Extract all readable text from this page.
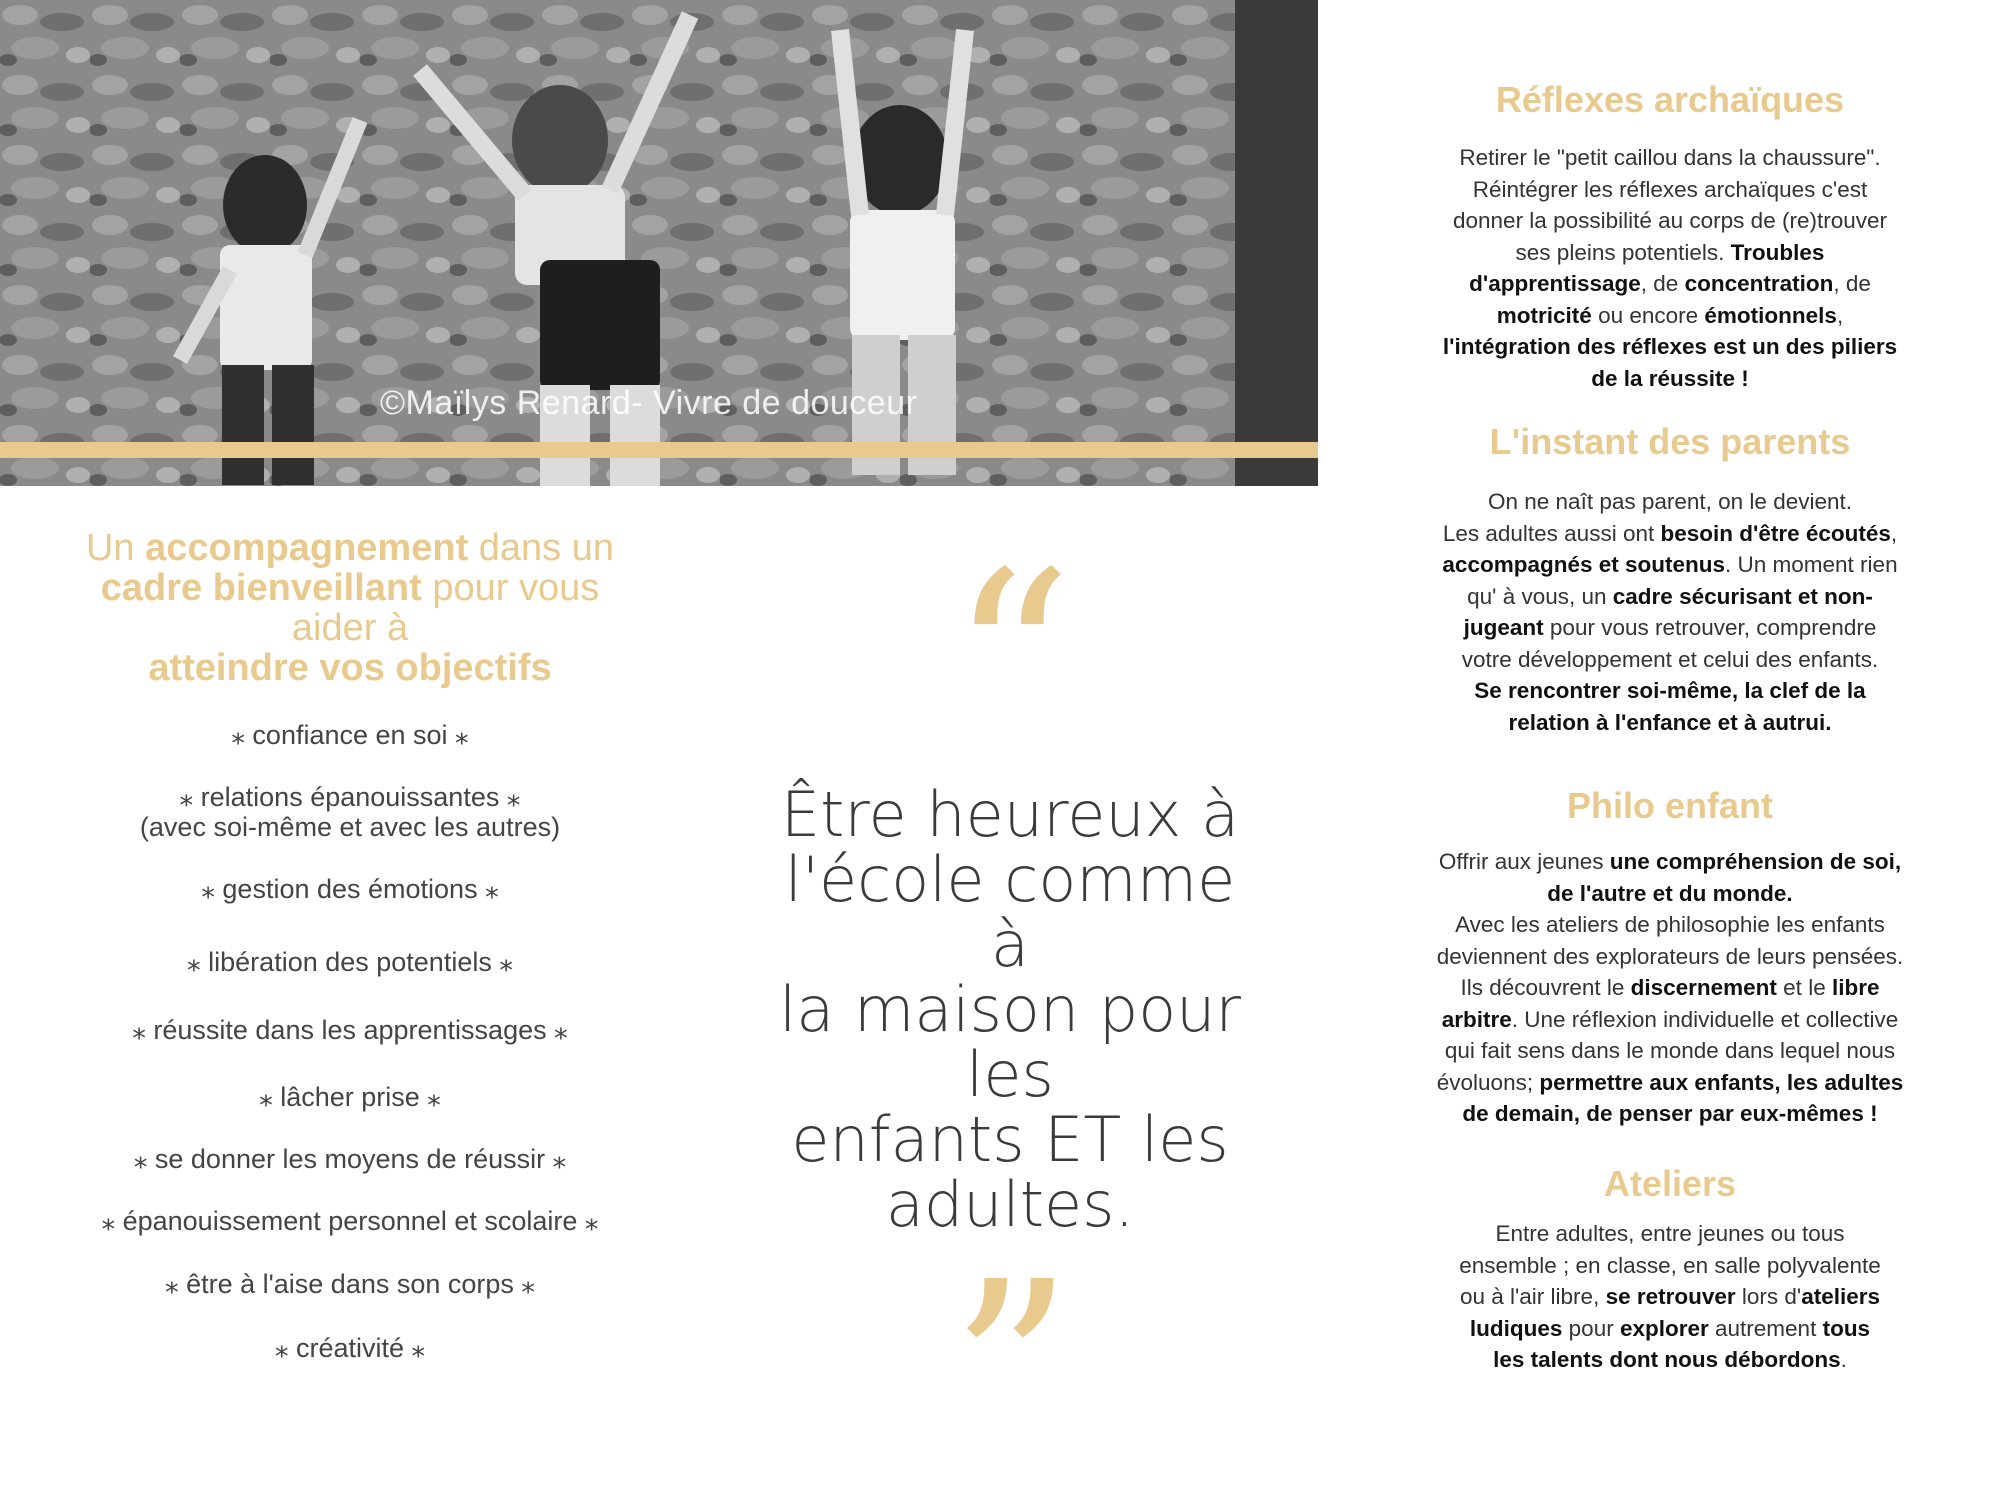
©Maïlys Renard- Vivre de douceur
Un accompagnement dans un
cadre bienveillant pour vous
aider à
atteindre vos objectifs
⁎ confiance en soi ⁎
⁎ relations épanouissantes ⁎
(avec soi-même et avec les autres)
⁎ gestion des émotions ⁎
⁎ libération des potentiels ⁎
⁎ réussite dans les apprentissages ⁎
⁎ lâcher prise ⁎
⁎ se donner les moyens de réussir ⁎
⁎ épanouissement personnel et scolaire ⁎
⁎ être à l'aise dans son corps ⁎
⁎ créativité ⁎
“
Être heureux à
l'école comme à
la maison pour les
enfants ET les
adultes.
”
Réflexes archaïques

Retirer le "petit caillou dans la chaussure".
Réintégrer les réflexes archaïques c'est
donner la possibilité au corps de (re)trouver
ses pleins potentiels. Troubles
d'apprentissage, de concentration, de
motricité ou encore émotionnels,
l'intégration des réflexes est un des piliers
de la réussite !

L'instant des parents

On ne naît pas parent, on le devient.
Les adultes aussi ont besoin d'être écoutés,
accompagnés et soutenus. Un moment rien
qu' à vous, un cadre sécurisant et non-
jugeant pour vous retrouver, comprendre
votre développement et celui des enfants.
Se rencontrer soi-même, la clef de la
relation à l'enfance et à autrui.

Philo enfant

Offrir aux jeunes une compréhension de soi,
de l'autre et du monde.
Avec les ateliers de philosophie les enfants
deviennent des explorateurs de leurs pensées.
Ils découvrent le discernement et le libre
arbitre. Une réflexion individuelle et collective
qui fait sens dans le monde dans lequel nous
évoluons; permettre aux enfants, les adultes
de demain, de penser par eux-mêmes !

Ateliers

Entre adultes, entre jeunes ou tous
ensemble ; en classe, en salle polyvalente
ou à l'air libre, se retrouver lors d'ateliers
ludiques pour explorer autrement tous
les talents dont nous débordons.
